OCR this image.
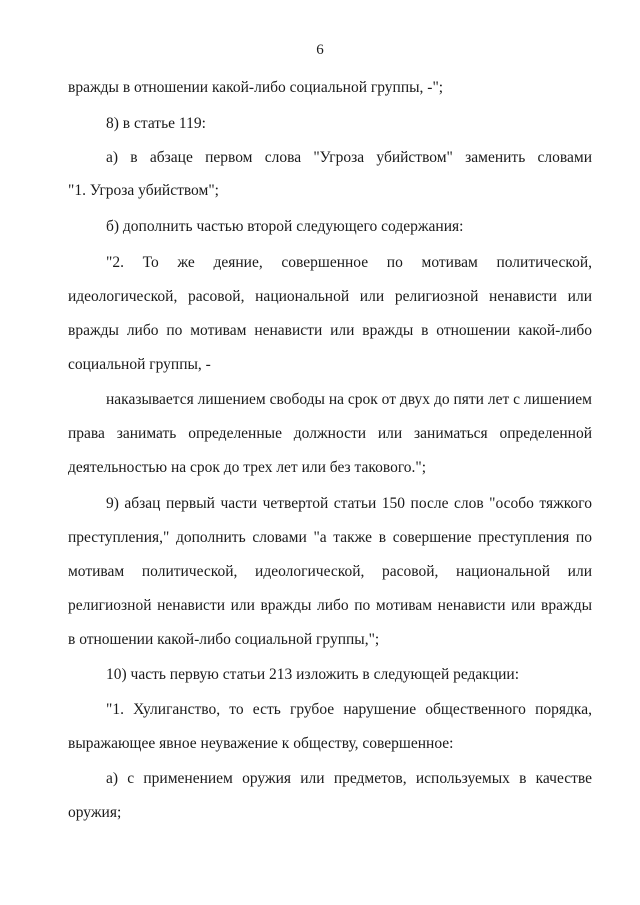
6
вражды в отношении какой-либо социальной группы, -";
8) в статье 119:
а) в абзаце первом слова "Угроза убийством" заменить словами
"1. Угроза убийством";
б) дополнить частью второй следующего содержания:
"2. То же деяние, совершенное по мотивам политической,
идеологической, расовой, национальной или религиозной ненависти или
вражды либо по мотивам ненависти или вражды в отношении какой-либо
социальной группы, -
наказывается лишением свободы на срок от двух до пяти лет с лишением
права занимать определенные должности или заниматься определенной
деятельностью на срок до трех лет или без такового.";
9) абзац первый части четвертой статьи 150 после слов "особо тяжкого
преступления," дополнить словами "а также в совершение преступления по
мотивам политической, идеологической, расовой, национальной или
религиозной ненависти или вражды либо по мотивам ненависти или вражды
в отношении какой-либо социальной группы,";
10) часть первую статьи 213 изложить в следующей редакции:
"1. Хулиганство, то есть грубое нарушение общественного порядка,
выражающее явное неуважение к обществу, совершенное:
а) с применением оружия или предметов, используемых в качестве
оружия;
